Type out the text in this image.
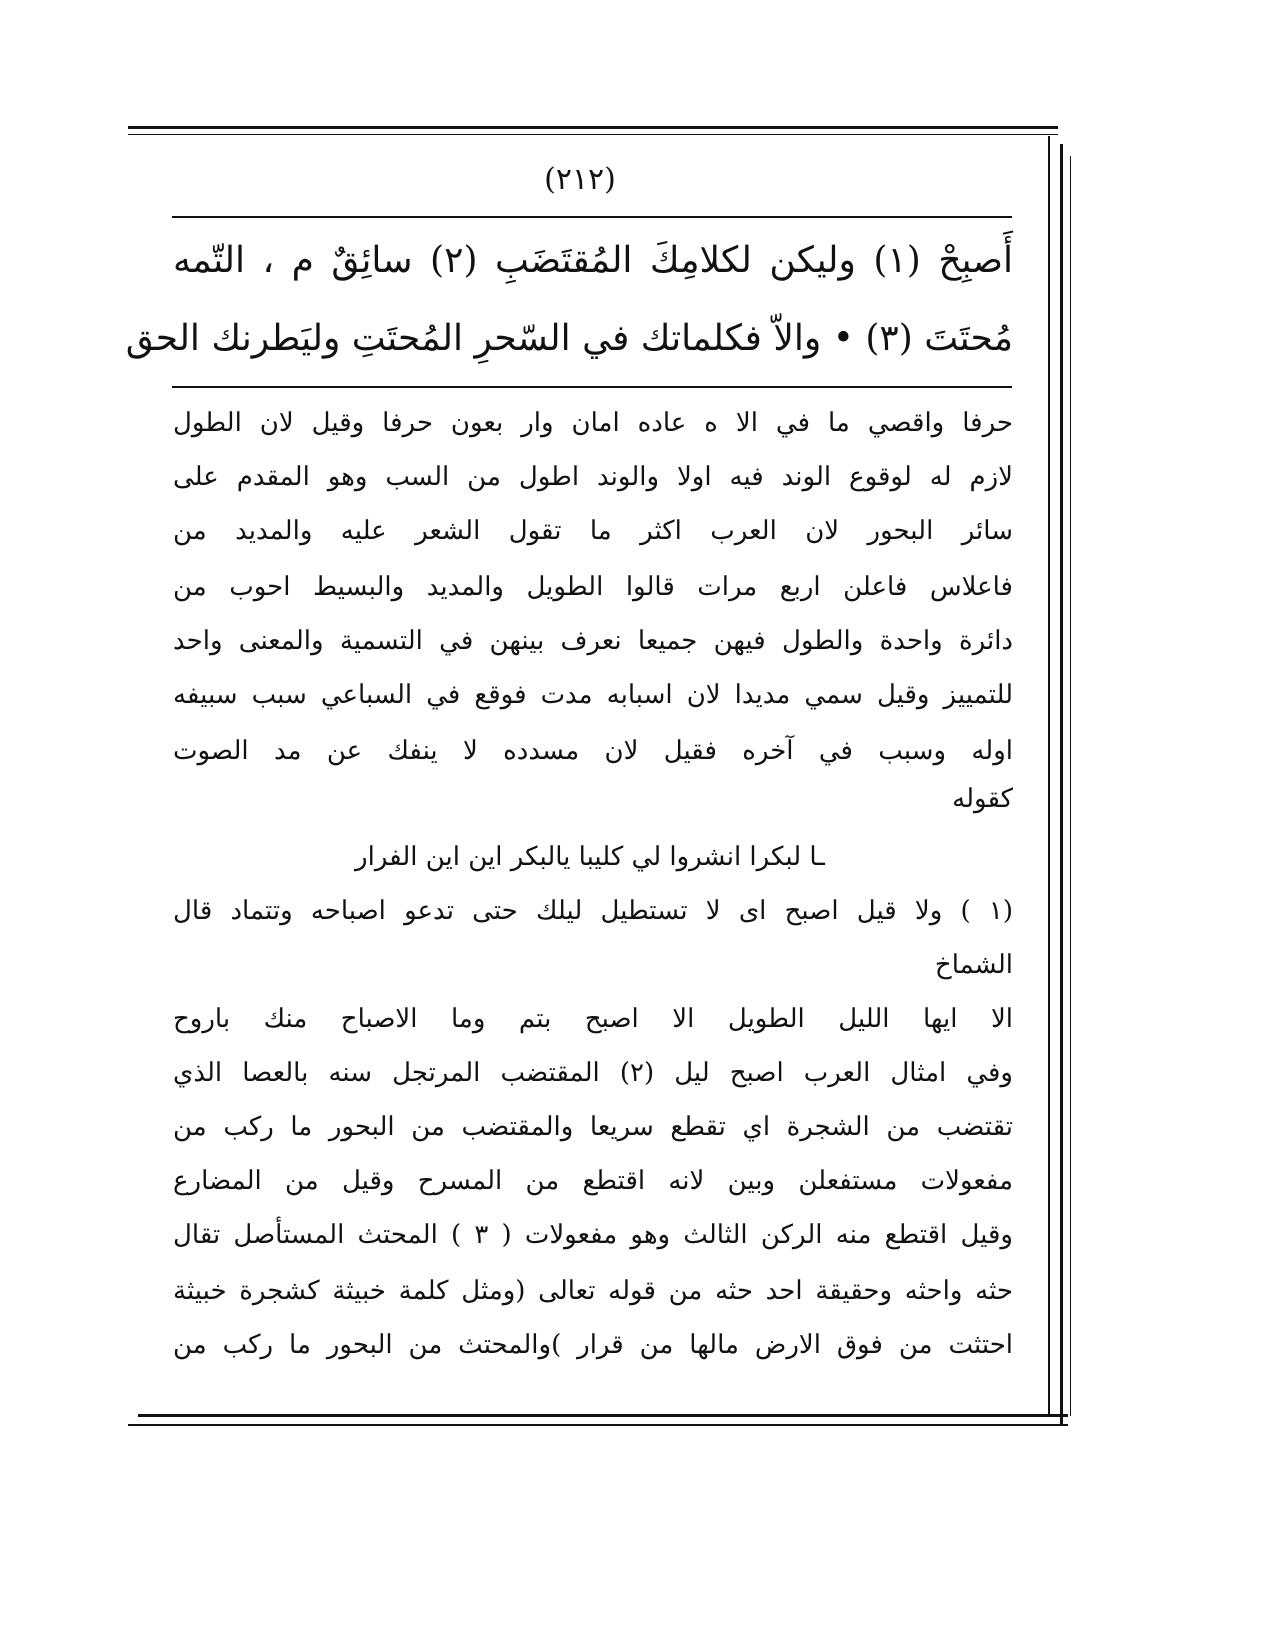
(٢١٢)
أَصبِحْ (١) وليكن لكلامِكَ المُقتَضَبِ (٢) سائِقٌ م ، التّمه
مُحتَتَ (٣) • والاّ فكلماتك في السّحرِ المُحتَتِ وليَطرنك الحق
حرفا واقصي ما في الا ه عاده امان وار بعون حرفا وقيل لان الطول
لازم له لوقوع الوند فيه اولا والوند اطول من السب وهو المقدم على
سائر البحور لان العرب اكثر ما تقول الشعر عليه والمديد من
فاعلاس فاعلن اربع مرات قالوا الطويل والمديد والبسيط احوب من
دائرة واحدة والطول فيهن جميعا نعرف بينهن في التسمية والمعنى واحد
للتمييز وقيل سمي مديدا لان اسبابه مدت فوقع في السباعي سبب سبيفه
اوله وسبب في آخره فقيل لان مسدده لا ينفك عن مد الصوت
كقوله
ـا لبكرا انشروا لي كليبا يالبكر اين اين الفرار
(١ ) ولا قيل اصبح اى لا تستطيل ليلك حتى تدعو اصباحه وتتماد قال
الشماخ
الا ايها الليل الطويل الا اصبح بتم وما الاصباح منك باروح
وفي امثال العرب اصبح ليل (٢) المقتضب المرتجل سنه بالعصا الذي
تقتضب من الشجرة اي تقطع سريعا والمقتضب من البحور ما ركب من
مفعولات مستفعلن وبين لانه اقتطع من المسرح وقيل من المضارع
وقيل اقتطع منه الركن الثالث وهو مفعولات ( ٣ ) المحتث المستأصل تقال
حثه واحثه وحقيقة احد حثه من قوله تعالى (ومثل كلمة خبيثة كشجرة خبيثة
احتثت من فوق الارض مالها من قرار )والمحتث من البحور ما ركب من
